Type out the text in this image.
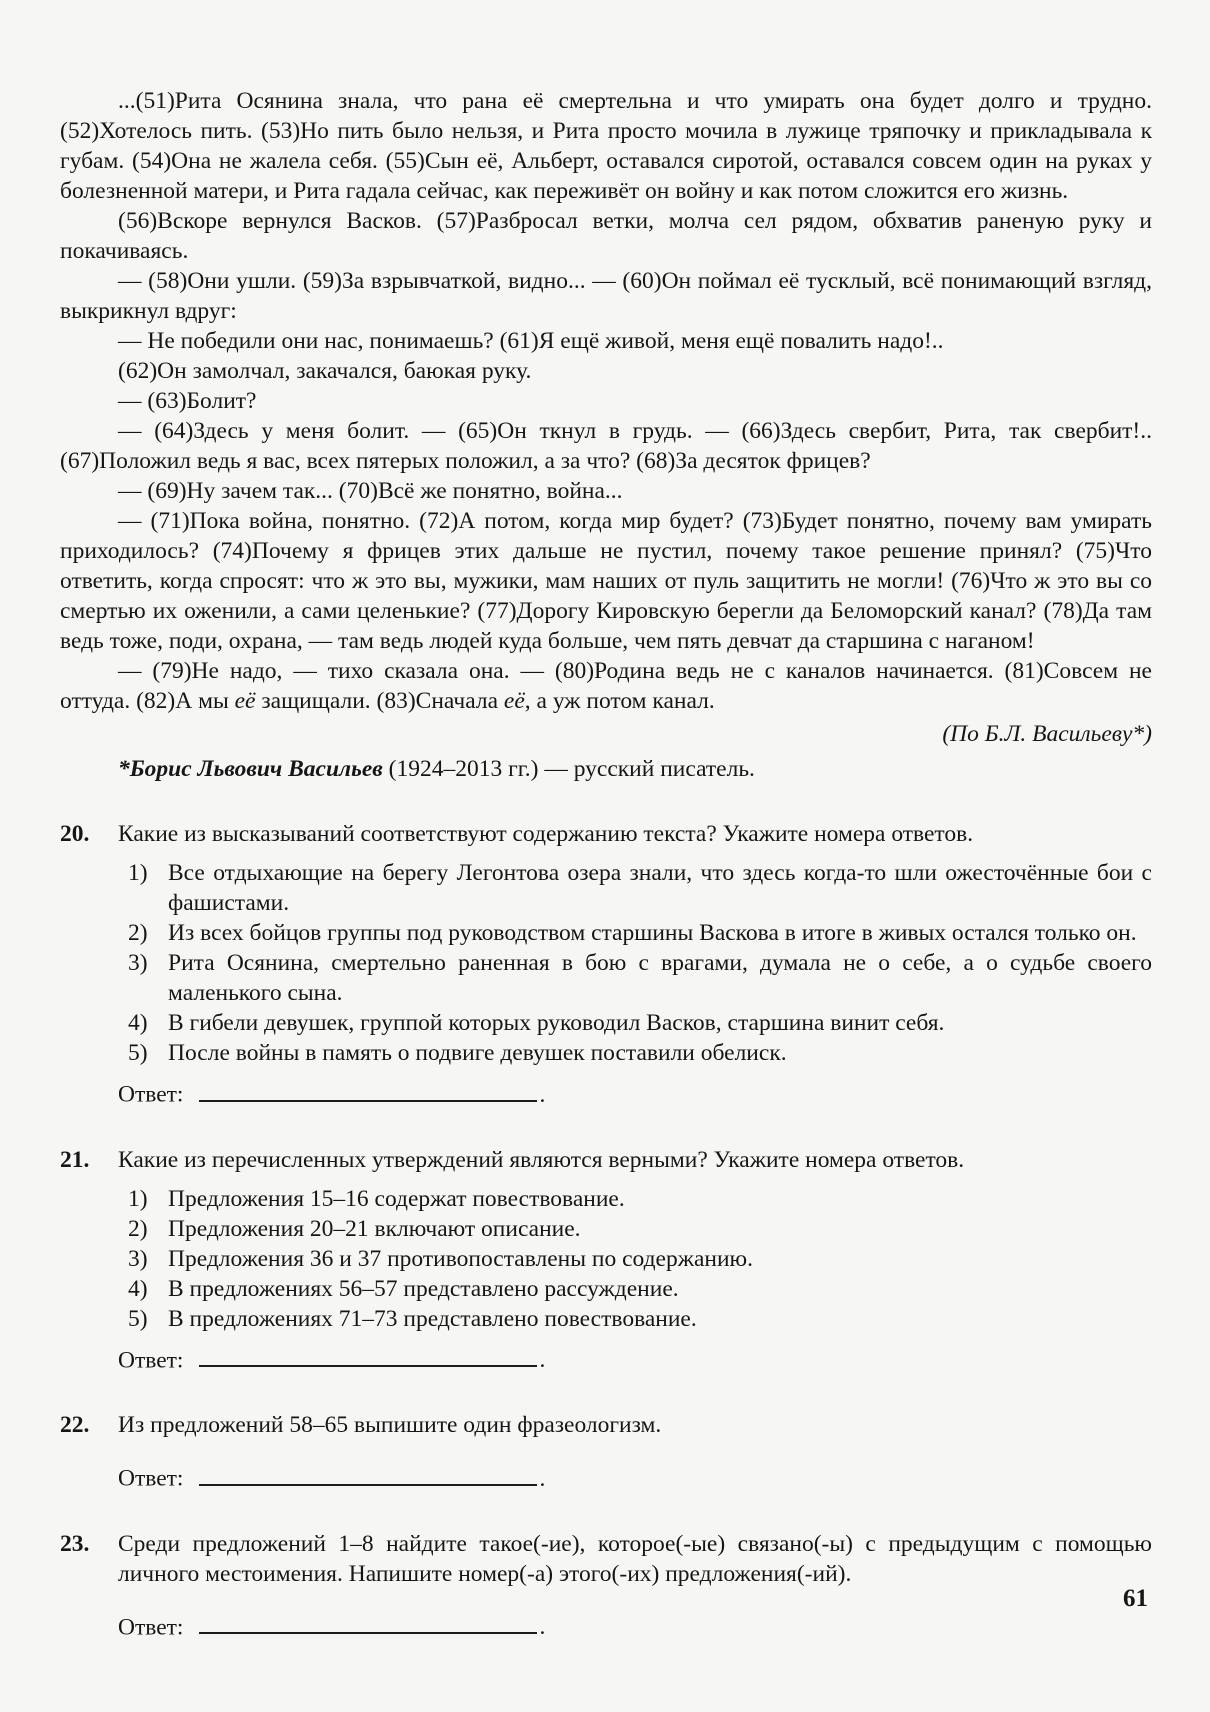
...(51)Рита Осянина знала, что рана её смертельна и что умирать она будет долго и трудно. (52)Хотелось пить. (53)Но пить было нельзя, и Рита просто мочила в лужице тряпочку и прикладывала к губам. (54)Она не жалела себя. (55)Сын её, Альберт, оставался сиротой, оставался совсем один на руках у болезненной матери, и Рита гадала сейчас, как переживёт он войну и как потом сложится его жизнь.

(56)Вскоре вернулся Васков. (57)Разбросал ветки, молча сел рядом, обхватив раненую руку и покачиваясь.

— (58)Они ушли. (59)За взрывчаткой, видно... — (60)Он поймал её тусклый, всё понимающий взгляд, выкрикнул вдруг:

— Не победили они нас, понимаешь? (61)Я ещё живой, меня ещё повалить надо!..

(62)Он замолчал, закачался, баюкая руку.

— (63)Болит?

— (64)Здесь у меня болит. — (65)Он ткнул в грудь. — (66)Здесь свербит, Рита, так свербит!.. (67)Положил ведь я вас, всех пятерых положил, а за что? (68)За десяток фрицев?

— (69)Ну зачем так... (70)Всё же понятно, война...

— (71)Пока война, понятно. (72)А потом, когда мир будет? (73)Будет понятно, почему вам умирать приходилось? (74)Почему я фрицев этих дальше не пустил, почему такое решение принял? (75)Что ответить, когда спросят: что ж это вы, мужики, мам наших от пуль защитить не могли! (76)Что ж это вы со смертью их оженили, а сами целенькие? (77)Дорогу Кировскую берегли да Беломорский канал? (78)Да там ведь тоже, поди, охрана, — там ведь людей куда больше, чем пять девчат да старшина с наганом!

— (79)Не надо, — тихо сказала она. — (80)Родина ведь не с каналов начинается. (81)Совсем не оттуда. (82)А мы её защищали. (83)Сначала её, а уж потом канал.

(По Б.Л. Васильеву*)

*Борис Львович Васильев (1924–2013 гг.) — русский писатель.

20.	Какие из высказываний соответствуют содержанию текста? Укажите номера ответов.

1) Все отдыхающие на берегу Легонтова озера знали, что здесь когда-то шли ожесточённые бои с фашистами.
2) Из всех бойцов группы под руководством старшины Васкова в итоге в живых остался только он.
3) Рита Осянина, смертельно раненная в бою с врагами, думала не о себе, а о судьбе своего маленького сына.
4) В гибели девушек, группой которых руководил Васков, старшина винит себя.
5) После войны в память о подвиге девушек поставили обелиск.
Ответ:	.
21.	Какие из перечисленных утверждений являются верными? Укажите номера ответов.

1) Предложения 15–16 содержат повествование.
2) Предложения 20–21 включают описание.
3) Предложения 36 и 37 противопоставлены по содержанию.
4) В предложениях 56–57 представлено рассуждение.
5) В предложениях 71–73 представлено повествование.
Ответ:	.
22.	Из предложений 58–65 выпишите один фразеологизм.

Ответ:	.
23.	Среди предложений 1–8 найдите такое(-ие), которое(-ые) связано(-ы) с предыдущим с помощью личного местоимения. Напишите номер(-а) этого(-их) предложения(-ий).

Ответ:	.
61
